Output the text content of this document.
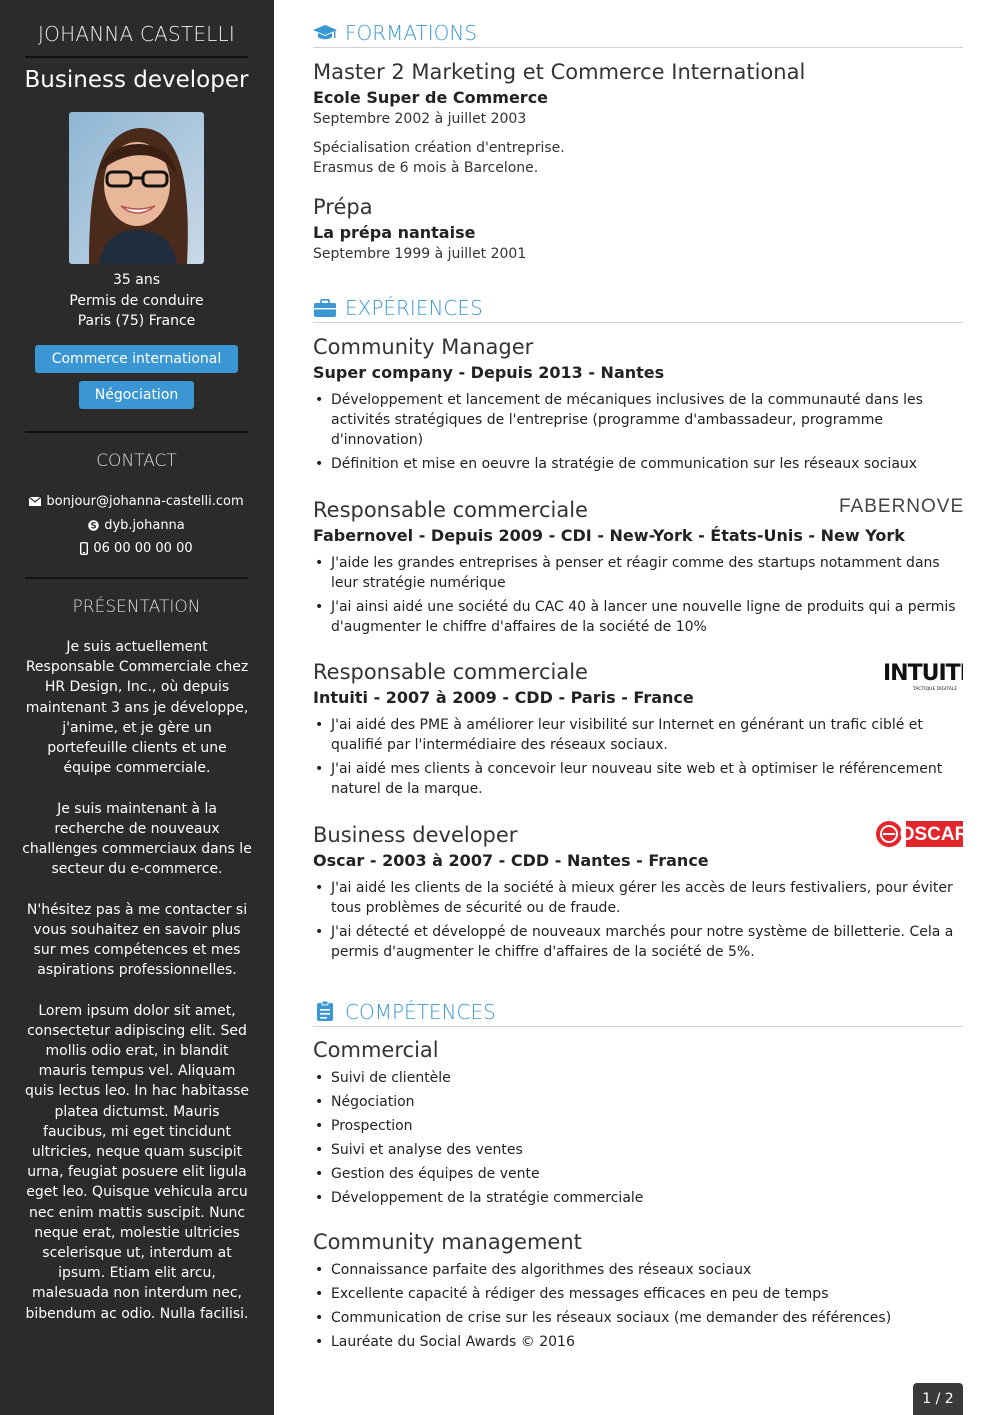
JOHANNA CASTELLI
Business developer
35 ans
Permis de conduire
Paris (75) France
Commerce international
Négociation
CONTACT
bonjour@johanna-castelli.com
S dyb.johanna
06 00 00 00 00
PRÉSENTATION

Je suis actuellement Responsable Commerciale chez HR Design, Inc., où depuis maintenant 3 ans je développe, j'anime, et je gère un portefeuille clients et une équipe commerciale.

Je suis maintenant à la recherche de nouveaux challenges commerciaux dans le secteur du e-commerce.

N'hésitez pas à me contacter si vous souhaitez en savoir plus sur mes compétences et mes aspirations professionnelles.

Lorem ipsum dolor sit amet, consectetur adipiscing elit. Sed mollis odio erat, in blandit mauris tempus vel. Aliquam quis lectus leo. In hac habitasse platea dictumst. Mauris faucibus, mi eget tincidunt ultricies, neque quam suscipit urna, feugiat posuere elit ligula eget leo. Quisque vehicula arcu nec enim mattis suscipit. Nunc neque erat, molestie ultricies scelerisque ut, interdum at ipsum. Etiam elit arcu, malesuada non interdum nec, bibendum ac odio. Nulla facilisi.

FORMATIONS
Master 2 Marketing et Commerce International
Ecole Super de Commerce
Septembre 2002 à juillet 2003
Spécialisation création d'entreprise.
Erasmus de 6 mois à Barcelone.
Prépa
La prépa nantaise
Septembre 1999 à juillet 2001
EXPÉRIENCES
Community Manager
Super company - Depuis 2013 - Nantes
• Développement et lancement de mécaniques inclusives de la communauté dans les activités stratégiques de l'entreprise (programme d'ambassadeur, programme d'innovation)
• Définition et mise en oeuvre la stratégie de communication sur les réseaux sociaux
FABERNOVEL
Responsable commerciale
Fabernovel - Depuis 2009 - CDI - New-York - États-Unis - New York
• J'aide les grandes entreprises à penser et réagir comme des startups notamment dans leur stratégie numérique
• J'ai ainsi aidé une société du CAC 40 à lancer une nouvelle ligne de produits qui a permis d'augmenter le chiffre d'affaires de la société de 10%
INTUITI
TACTIQUE DIGITALE
Responsable commerciale
Intuiti - 2007 à 2009 - CDD - Paris - France
• J'ai aidé des PME à améliorer leur visibilité sur Internet en générant un trafic ciblé et qualifié par l'intermédiaire des réseaux sociaux.
• J'ai aidé mes clients à concevoir leur nouveau site web et à optimiser le référencement naturel de la marque.
OSCAR
Business developer
Oscar - 2003 à 2007 - CDD - Nantes - France
• J'ai aidé les clients de la société à mieux gérer les accès de leurs festivaliers, pour éviter tous problèmes de sécurité ou de fraude.
• J'ai détecté et développé de nouveaux marchés pour notre système de billetterie. Cela a permis d'augmenter le chiffre d'affaires de la société de 5%.
COMPÉTENCES
Commercial
• Suivi de clientèle
• Négociation
• Prospection
• Suivi et analyse des ventes
• Gestion des équipes de vente
• Développement de la stratégie commerciale
Community management
• Connaissance parfaite des algorithmes des réseaux sociaux
• Excellente capacité à rédiger des messages efficaces en peu de temps
• Communication de crise sur les réseaux sociaux (me demander des références)
• Lauréate du Social Awards © 2016
1 / 2
